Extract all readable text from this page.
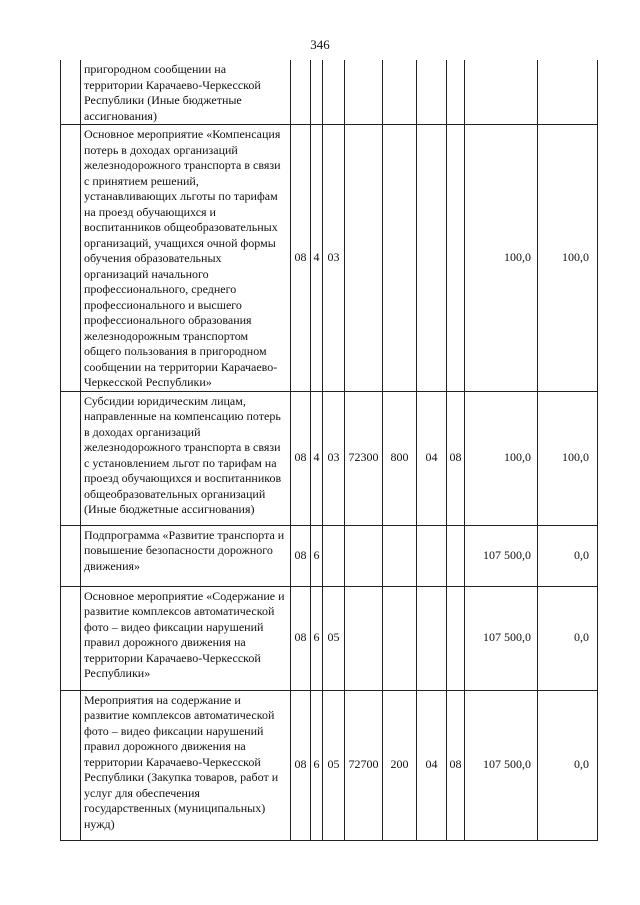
346
	пригородном сообщении на территории Карачаево-Черкесской Республики (Иные бюджетные ассигнования)									
	Основное мероприятие «Компенсация потерь в доходах организаций железнодорожного транспорта в связи с принятием решений, устанавливающих льготы по тарифам на проезд обучающихся и воспитанников общеобразовательных организаций, учащихся очной формы обучения образовательных организаций начального профессионального, среднего профессионального и высшего профессионального образования железнодорожным транспортом общего пользования в пригородном сообщении на территории Карачаево-Черкесской Республики»	08	4	03					100,0	100,0
	Субсидии юридическим лицам, направленные на компенсацию потерь в доходах организаций железнодорожного транспорта в связи с установлением льгот по тарифам на проезд обучающихся и воспитанников общеобразовательных организаций (Иные бюджетные ассигнования)	08	4	03	72300	800	04	08	100,0	100,0
	Подпрограмма «Развитие транспорта и повышение безопасности дорожного движения»	08	6						107 500,0	0,0
	Основное мероприятие «Содержание и развитие комплексов автоматической фото – видео фиксации нарушений правил дорожного движения на территории Карачаево-Черкесской Республики»	08	6	05					107 500,0	0,0
	Мероприятия на содержание и развитие комплексов автоматической фото – видео фиксации нарушений правил дорожного движения на территории Карачаево-Черкесской Республики (Закупка товаров, работ и услуг для обеспечения государственных (муниципальных) нужд)	08	6	05	72700	200	04	08	107 500,0	0,0
